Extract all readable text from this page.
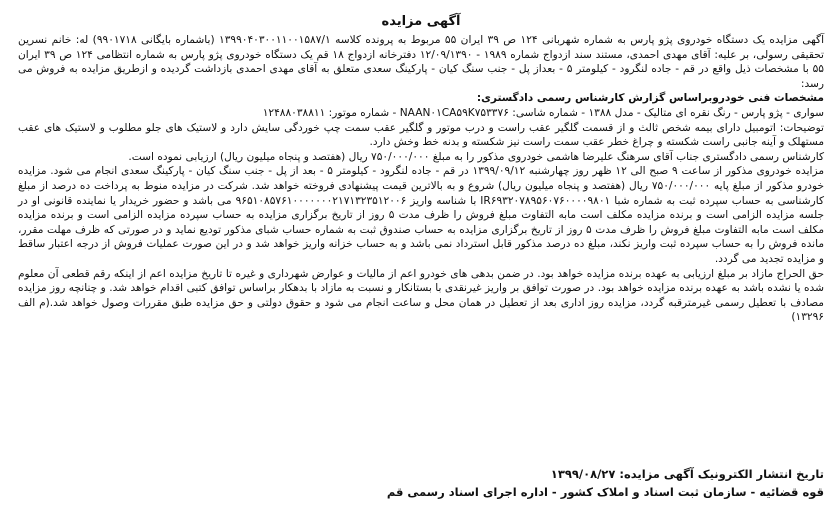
آگهی مزایده

آگهی مزایده یک دستگاه خودروی پژو پارس به شماره شهربانی ۱۲۴ ص ۳۹ ایران ۵۵ مربوط به پرونده کلاسه ۱۳۹۹۰۴۰۳۰۰۱۱۰۰۱۵۸۷/۱ (باشماره بایگانی ۹۹۰۱۷۱۸) له: خانم نسرین تحقیقی رسولی، بر علیه: آقای مهدی احمدی، مستند سند ازدواج شماره ۱۹۸۹ - ۱۲/۰۹/۱۳۹۰ دفترخانه ازدواج ۱۸ قم یک دستگاه خودروی پژو پارس به شماره انتظامی ۱۲۴ ص ۳۹ ایران ۵۵ با مشخصات ذیل واقع در قم - جاده لنگرود - کیلومتر ۵ - بعداز پل - جنب سنگ کیان - پارکینگ سعدی متعلق به آقای مهدی احمدی بازداشت گردیده و ازطریق مزایده به فروش می رسد:

مشخصات فنی خودروبراساس گزارش کارشناس رسمی دادگستری:

سواری - پژو پارس - رنگ نقره ای متالیک - مدل ۱۳۸۸ - شماره شاسی: NAAN۰۱CA۵۹K۷۵۳۳۷۶ - شماره موتور: ۱۲۴۸۸۰۳۸۸۱۱

توضیحات: اتومبیل دارای بیمه شخص ثالث و از قسمت گلگیر عقب راست و درب موتور و گلگیر عقب سمت چپ خوردگی سایش دارد و لاستیک های جلو مطلوب و لاستیک های عقب مستهلک و آینه جانبی راست شکسته و چراغ خطر عقب سمت راست نیز شکسته و بدنه خط وخش دارد.

کارشناس رسمی دادگستری جناب آقای سرهنگ علیرضا هاشمی خودروی مذکور را به مبلغ ۷۵۰/۰۰۰/۰۰۰ ریال (هفتصد و پنجاه میلیون ریال) ارزیابی نموده است.

مزایده خودروی مذکور از ساعت ۹ صبح الی ۱۲ ظهر روز چهارشنبه ۱۳۹۹/۰۹/۱۲ در قم - جاده لنگرود - کیلومتر ۵ - بعد از پل - جنب سنگ کیان - پارکینگ سعدی انجام می شود. مزایده خودرو مذکور از مبلغ پایه ۷۵۰/۰۰۰/۰۰۰ ریال (هفتصد و پنجاه میلیون ریال) شروع و به بالاترین قیمت پیشنهادی فروخته خواهد شد. شرکت در مزایده منوط به پرداخت ده درصد از مبلغ کارشناسی به حساب سپرده ثبت به شماره شبا IR۶۹۳۲۰۷۸۹۵۶۰۷۶۰۰۰۰۹۸۰۱ با شناسه واریز ۹۶۵۱۰۸۵۷۶۱۰۰۰۰۰۰۰۲۱۷۱۳۲۳۵۱۲۰۰۶ می باشد و حضور خریدار یا نماینده قانونی او در جلسه مزایده الزامی است و برنده مزایده مکلف است مابه التفاوت مبلغ فروش را ظرف مدت ۵ روز از تاریخ برگزاری مزایده به حساب سپرده مزایده الزامی است و برنده مزایده مکلف است مابه التفاوت مبلغ فروش را ظرف مدت ۵ روز از تاریخ برگزاری مزایده به حساب صندوق ثبت به شماره حساب شبای مذکور تودیع نماید و در صورتی که ظرف مهلت مقرر، مانده فروش را به حساب سپرده ثبت واریز نکند، مبلغ ده درصد مذکور قابل استرداد نمی باشد و به حساب خزانه واریز خواهد شد و در این صورت عملیات فروش از درجه اعتبار ساقط و مزایده تجدید می گردد.

حق الحراج مازاد بر مبلغ ارزیابی به عهده برنده مزایده خواهد بود. در ضمن بدهی های خودرو اعم از مالیات و عوارض شهرداری و غیره تا تاریخ مزایده اعم از اینکه رقم قطعی آن معلوم شده یا نشده باشد به عهده برنده مزایده خواهد بود. در صورت توافق بر واریز غیرنقدی با بستانکار و نسبت به مازاد با بدهکار براساس توافق کتبی اقدام خواهد شد. و چنانچه روز مزایده مصادف با تعطیل رسمی غیرمترقبه گردد، مزایده روز اداری بعد از تعطیل در همان محل و ساعت انجام می شود و حقوق دولتی و حق مزایده طبق مقررات وصول خواهد شد.(م الف ۱۳۲۹۶)

تاریخ انتشار الکترونیک آگهی مزایده: ۱۳۹۹/۰۸/۲۷
قوه قضائیه - سازمان ثبت اسناد و املاک کشور - اداره اجرای اسناد رسمی قم
